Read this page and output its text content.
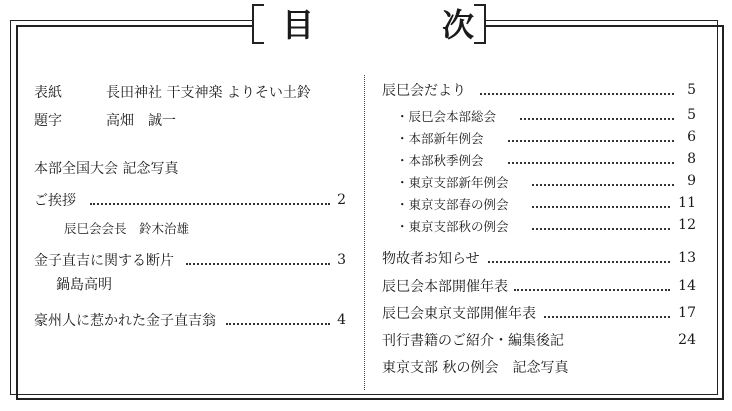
目	次
表紙	長田神社 干支神楽 よりそい土鈴
題字	高畑　誠一
本部全国大会 記念写真
ご挨拶	2
辰巳会会長　鈴木治雄
金子直吉に関する断片	3
鍋島高明
豪州人に惹かれた金子直吉翁	4
辰巳会だより	5
・辰巳会本部総会	5
・本部新年例会	6
・本部秋季例会	8
・東京支部新年例会	9
・東京支部春の例会	11
・東京支部秋の例会	12
物故者お知らせ	13
辰巳会本部開催年表	14
辰巳会東京支部開催年表	17
刊行書籍のご紹介・編集後記	24
東京支部 秋の例会　記念写真
